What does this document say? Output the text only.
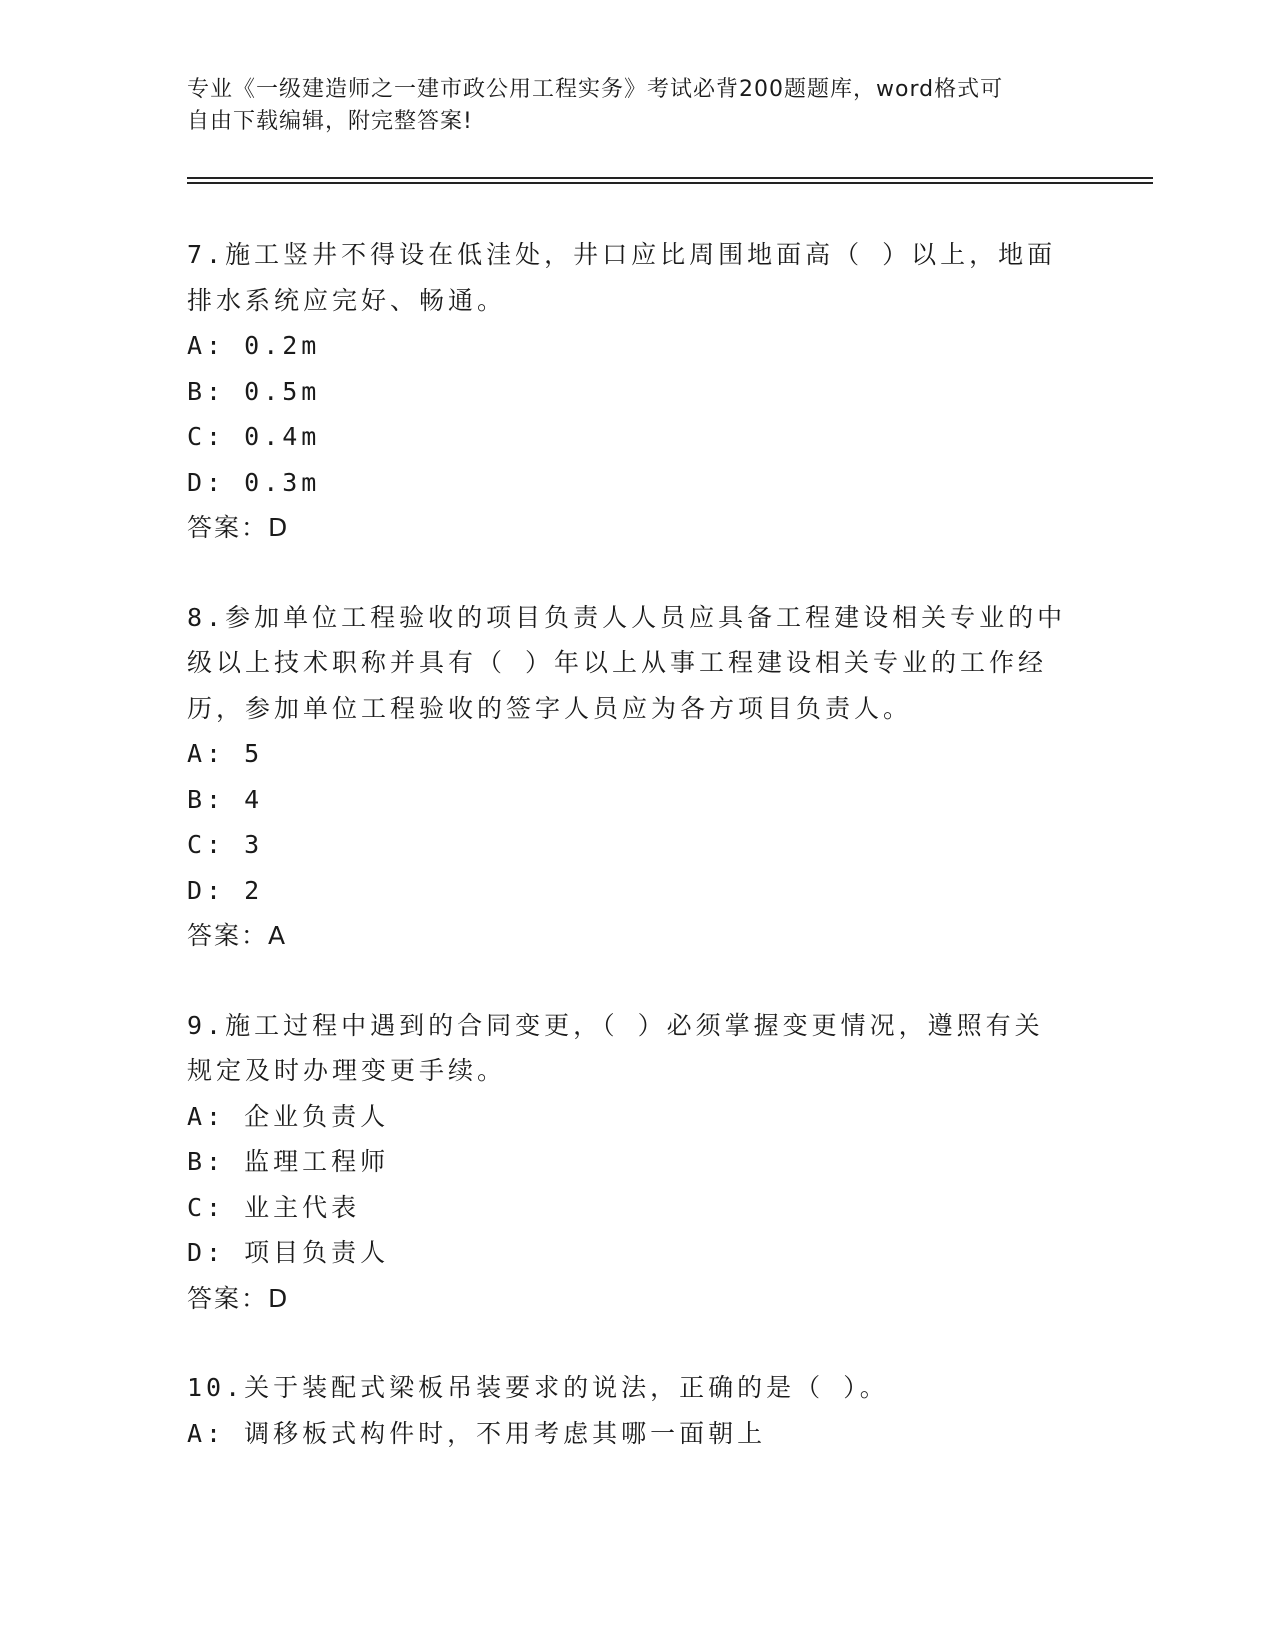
专业《一级建造师之一建市政公用工程实务》考试必背200题题库，word格式可
自由下载编辑，附完整答案!
7.施工竖井不得设在低洼处，井口应比周围地面高（ ）以上，地面
排水系统应完好、畅通。
A: 0.2m
B: 0.5m
C: 0.4m
D: 0.3m
答案：D
8.参加单位工程验收的项目负责人人员应具备工程建设相关专业的中
级以上技术职称并具有（ ）年以上从事工程建设相关专业的工作经
历，参加单位工程验收的签字人员应为各方项目负责人。
A: 5
B: 4
C: 3
D: 2
答案：A
9.施工过程中遇到的合同变更，（ ）必须掌握变更情况，遵照有关
规定及时办理变更手续。
A: 企业负责人
B: 监理工程师
C: 业主代表
D: 项目负责人
答案：D
10.关于装配式梁板吊装要求的说法，正确的是（ ）。
A: 调移板式构件时，不用考虑其哪一面朝上
